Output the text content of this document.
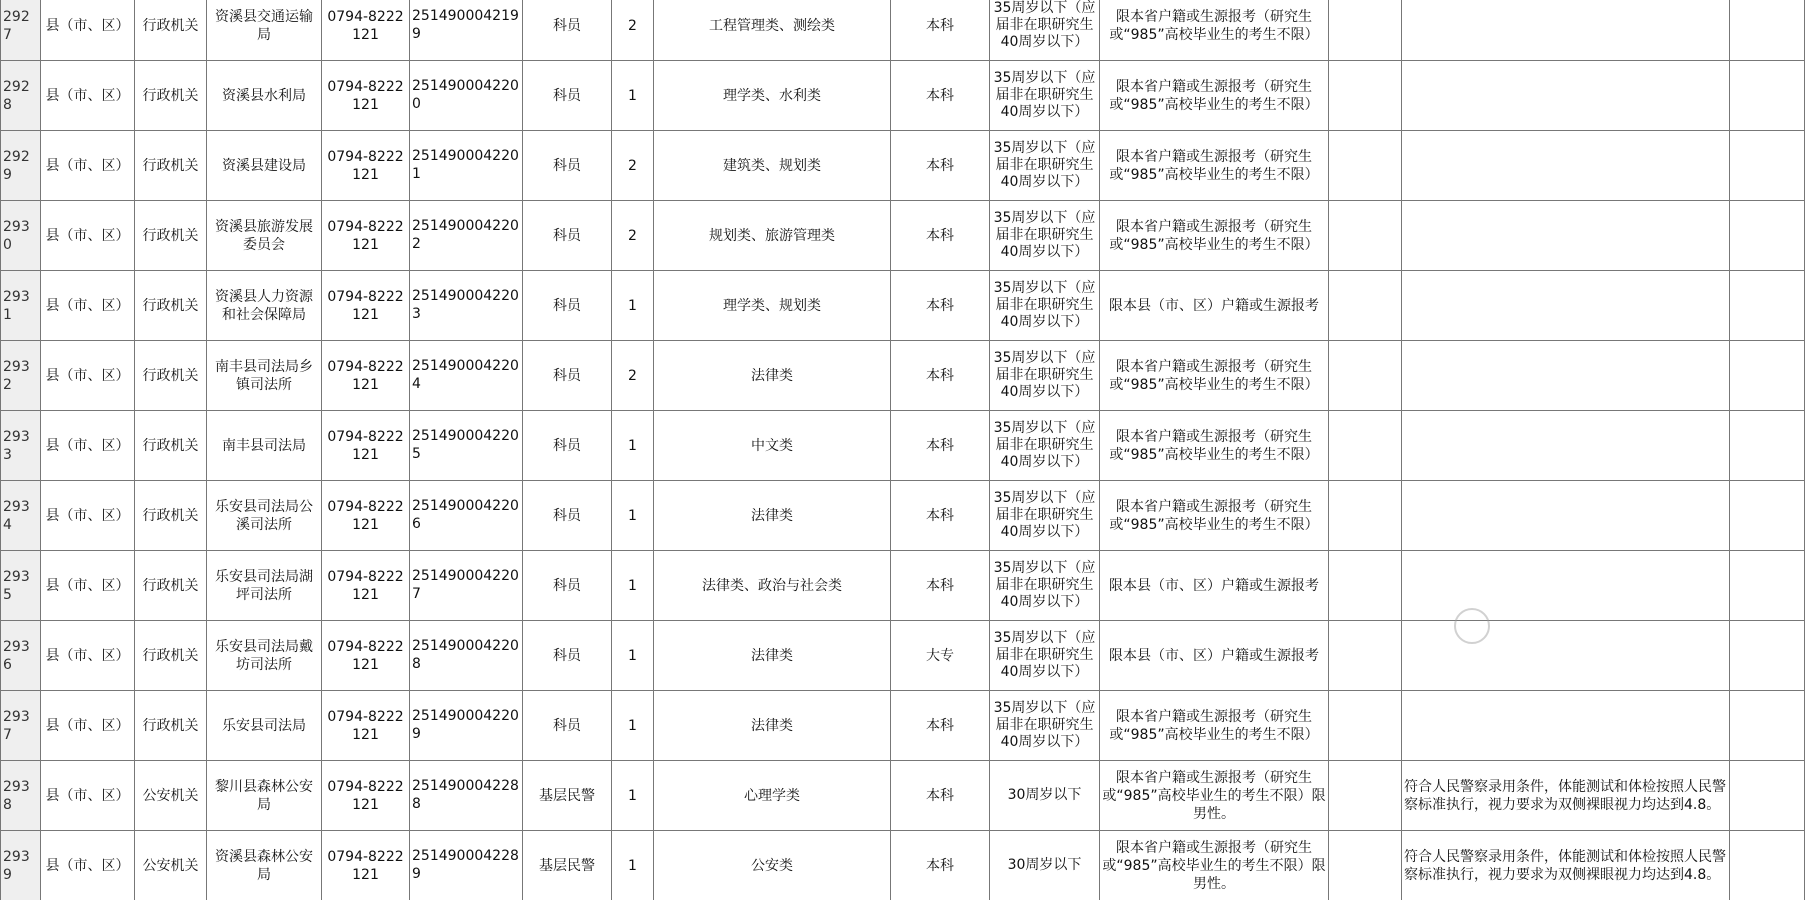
2927	县（市、区）	行政机关	资溪县交通运输局	0794-8222121	2514900042199	科员	2	工程管理类、测绘类	本科	35周岁以下（应届非在职研究生40周岁以下）	限本省户籍或生源报考（研究生或“985”高校毕业生的考生不限）			
2928	县（市、区）	行政机关	资溪县水利局	0794-8222121	2514900042200	科员	1	理学类、水利类	本科	35周岁以下（应届非在职研究生40周岁以下）	限本省户籍或生源报考（研究生或“985”高校毕业生的考生不限）			
2929	县（市、区）	行政机关	资溪县建设局	0794-8222121	2514900042201	科员	2	建筑类、规划类	本科	35周岁以下（应届非在职研究生40周岁以下）	限本省户籍或生源报考（研究生或“985”高校毕业生的考生不限）			
2930	县（市、区）	行政机关	资溪县旅游发展委员会	0794-8222121	2514900042202	科员	2	规划类、旅游管理类	本科	35周岁以下（应届非在职研究生40周岁以下）	限本省户籍或生源报考（研究生或“985”高校毕业生的考生不限）			
2931	县（市、区）	行政机关	资溪县人力资源和社会保障局	0794-8222121	2514900042203	科员	1	理学类、规划类	本科	35周岁以下（应届非在职研究生40周岁以下）	限本县（市、区）户籍或生源报考			
2932	县（市、区）	行政机关	南丰县司法局乡镇司法所	0794-8222121	2514900042204	科员	2	法律类	本科	35周岁以下（应届非在职研究生40周岁以下）	限本省户籍或生源报考（研究生或“985”高校毕业生的考生不限）			
2933	县（市、区）	行政机关	南丰县司法局	0794-8222121	2514900042205	科员	1	中文类	本科	35周岁以下（应届非在职研究生40周岁以下）	限本省户籍或生源报考（研究生或“985”高校毕业生的考生不限）			
2934	县（市、区）	行政机关	乐安县司法局公溪司法所	0794-8222121	2514900042206	科员	1	法律类	本科	35周岁以下（应届非在职研究生40周岁以下）	限本省户籍或生源报考（研究生或“985”高校毕业生的考生不限）			
2935	县（市、区）	行政机关	乐安县司法局湖坪司法所	0794-8222121	2514900042207	科员	1	法律类、政治与社会类	本科	35周岁以下（应届非在职研究生40周岁以下）	限本县（市、区）户籍或生源报考			
2936	县（市、区）	行政机关	乐安县司法局戴坊司法所	0794-8222121	2514900042208	科员	1	法律类	大专	35周岁以下（应届非在职研究生40周岁以下）	限本县（市、区）户籍或生源报考			
2937	县（市、区）	行政机关	乐安县司法局	0794-8222121	2514900042209	科员	1	法律类	本科	35周岁以下（应届非在职研究生40周岁以下）	限本省户籍或生源报考（研究生或“985”高校毕业生的考生不限）			
2938	县（市、区）	公安机关	黎川县森林公安局	0794-8222121	2514900042288	基层民警	1	心理学类	本科	30周岁以下	限本省户籍或生源报考（研究生或“985”高校毕业生的考生不限）限男性。		符合人民警察录用条件，体能测试和体检按照人民警察标准执行，视力要求为双侧裸眼视力均达到4.8。	
2939	县（市、区）	公安机关	资溪县森林公安局	0794-8222121	2514900042289	基层民警	1	公安类	本科	30周岁以下	限本省户籍或生源报考（研究生或“985”高校毕业生的考生不限）限男性。		符合人民警察录用条件，体能测试和体检按照人民警察标准执行，视力要求为双侧裸眼视力均达到4.8。	
